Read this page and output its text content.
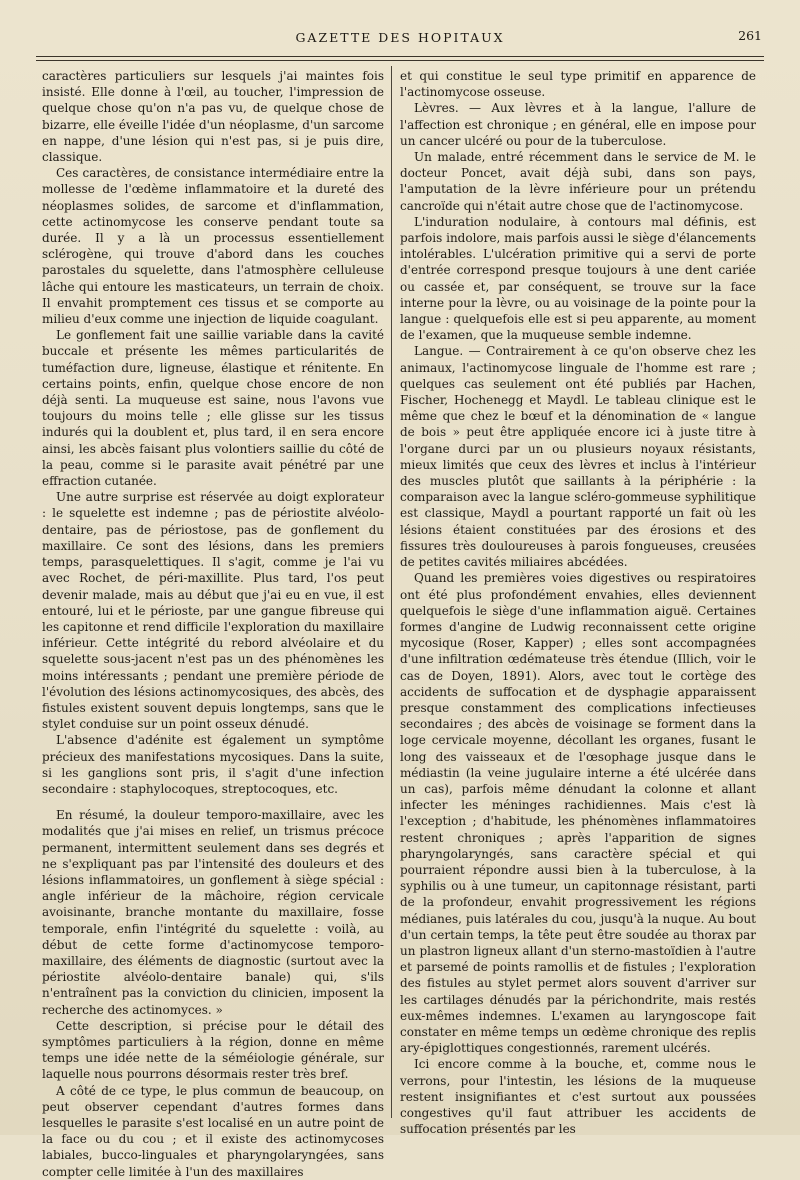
GAZETTE DES HOPITAUX	261

caractères particuliers sur lesquels j'ai maintes fois insisté. Elle donne à l'œil, au toucher, l'impression de quelque chose qu'on n'a pas vu, de quelque chose de bizarre, elle éveille l'idée d'un néoplasme, d'un sarcome en nappe, d'une lésion qui n'est pas, si je puis dire, classique.

Ces caractères, de consistance intermédiaire entre la mollesse de l'œdème inflammatoire et la dureté des néoplasmes solides, de sarcome et d'inflammation, cette actinomycose les conserve pendant toute sa durée. Il y a là un processus essentiellement sclérogène, qui trouve d'abord dans les couches parostales du squelette, dans l'atmosphère celluleuse lâche qui entoure les masticateurs, un terrain de choix. Il envahit promptement ces tissus et se comporte au milieu d'eux comme une injection de liquide coagulant.

Le gonflement fait une saillie variable dans la cavité buccale et présente les mêmes particularités de tuméfaction dure, ligneuse, élastique et rénitente. En certains points, enfin, quelque chose encore de non déjà senti. La muqueuse est saine, nous l'avons vue toujours du moins telle ; elle glisse sur les tissus indurés qui la doublent et, plus tard, il en sera encore ainsi, les abcès faisant plus volontiers saillie du côté de la peau, comme si le parasite avait pénétré par une effraction cutanée.

Une autre surprise est réservée au doigt explorateur : le squelette est indemne ; pas de périostite alvéolo-dentaire, pas de périostose, pas de gonflement du maxillaire. Ce sont des lésions, dans les premiers temps, parasquelettiques. Il s'agit, comme je l'ai vu avec Rochet, de péri-maxillite. Plus tard, l'os peut devenir malade, mais au début que j'ai eu en vue, il est entouré, lui et le périoste, par une gangue fibreuse qui les capitonne et rend difficile l'exploration du maxillaire inférieur. Cette intégrité du rebord alvéolaire et du squelette sous-jacent n'est pas un des phénomènes les moins intéressants ; pendant une première période de l'évolution des lésions actinomycosiques, des abcès, des fistules existent souvent depuis longtemps, sans que le stylet conduise sur un point osseux dénudé.

L'absence d'adénite est également un symptôme précieux des manifestations mycosiques. Dans la suite, si les ganglions sont pris, il s'agit d'une infection secondaire : staphylocoques, streptocoques, etc.

En résumé, la douleur temporo-maxillaire, avec les modalités que j'ai mises en relief, un trismus précoce permanent, intermittent seulement dans ses degrés et ne s'expliquant pas par l'intensité des douleurs et des lésions inflammatoires, un gonflement à siège spécial : angle inférieur de la mâchoire, région cervicale avoisinante, branche montante du maxillaire, fosse temporale, enfin l'intégrité du squelette : voilà, au début de cette forme d'actinomycose temporo-maxillaire, des éléments de diagnostic (surtout avec la périostite alvéolo-dentaire banale) qui, s'ils n'entraînent pas la conviction du clinicien, imposent la recherche des actinomyces. »

Cette description, si précise pour le détail des symptômes particuliers à la région, donne en même temps une idée nette de la séméiologie générale, sur laquelle nous pourrons désormais rester très bref.

A côté de ce type, le plus commun de beaucoup, on peut observer cependant d'autres formes dans lesquelles le parasite s'est localisé en un autre point de la face ou du cou ; et il existe des actinomycoses labiales, bucco-linguales et pharyngolaryngées, sans compter celle limitée à l'un des maxillaires

et qui constitue le seul type primitif en apparence de l'actinomycose osseuse.

Lèvres. — Aux lèvres et à la langue, l'allure de l'affection est chronique ; en général, elle en impose pour un cancer ulcéré ou pour de la tuberculose.

Un malade, entré récemment dans le service de M. le docteur Poncet, avait déjà subi, dans son pays, l'amputation de la lèvre inférieure pour un prétendu cancroïde qui n'était autre chose que de l'actinomycose.

L'induration nodulaire, à contours mal définis, est parfois indolore, mais parfois aussi le siège d'élancements intolérables. L'ulcération primitive qui a servi de porte d'entrée correspond presque toujours à une dent cariée ou cassée et, par conséquent, se trouve sur la face interne pour la lèvre, ou au voisinage de la pointe pour la langue : quelquefois elle est si peu apparente, au moment de l'examen, que la muqueuse semble indemne.

Langue. — Contrairement à ce qu'on observe chez les animaux, l'actinomycose linguale de l'homme est rare ; quelques cas seulement ont été publiés par Hachen, Fischer, Hochenegg et Maydl. Le tableau clinique est le même que chez le bœuf et la dénomination de « langue de bois » peut être appliquée encore ici à juste titre à l'organe durci par un ou plusieurs noyaux résistants, mieux limités que ceux des lèvres et inclus à l'intérieur des muscles plutôt que saillants à la périphérie : la comparaison avec la langue scléro-gommeuse syphilitique est classique, Maydl a pourtant rapporté un fait où les lésions étaient constituées par des érosions et des fissures très douloureuses à parois fongueuses, creusées de petites cavités miliaires abcédées.

Quand les premières voies digestives ou respiratoires ont été plus profondément envahies, elles deviennent quelquefois le siège d'une inflammation aiguë. Certaines formes d'angine de Ludwig reconnaissent cette origine mycosique (Roser, Kapper) ; elles sont accompagnées d'une infiltration œdémateuse très étendue (Illich, voir le cas de Doyen, 1891). Alors, avec tout le cortège des accidents de suffocation et de dysphagie apparaissent presque constamment des complications infectieuses secondaires ; des abcès de voisinage se forment dans la loge cervicale moyenne, décollant les organes, fusant le long des vaisseaux et de l'œsophage jusque dans le médiastin (la veine jugulaire interne a été ulcérée dans un cas), parfois même dénudant la colonne et allant infecter les méninges rachidiennes. Mais c'est là l'exception ; d'habitude, les phénomènes inflammatoires restent chroniques ; après l'apparition de signes pharyngolaryngés, sans caractère spécial et qui pourraient répondre aussi bien à la tuberculose, à la syphilis ou à une tumeur, un capitonnage résistant, parti de la profondeur, envahit progressivement les régions médianes, puis latérales du cou, jusqu'à la nuque. Au bout d'un certain temps, la tête peut être soudée au thorax par un plastron ligneux allant d'un sterno-mastoïdien à l'autre et parsemé de points ramollis et de fistules ; l'exploration des fistules au stylet permet alors souvent d'arriver sur les cartilages dénudés par la périchondrite, mais restés eux-mêmes indemnes. L'examen au laryngoscope fait constater en même temps un œdème chronique des replis ary-épiglottiques congestionnés, rarement ulcérés.

Ici encore comme à la bouche, et, comme nous le verrons, pour l'intestin, les lésions de la muqueuse restent insignifiantes et c'est surtout aux poussées congestives qu'il faut attribuer les accidents de suffocation présentés par les
